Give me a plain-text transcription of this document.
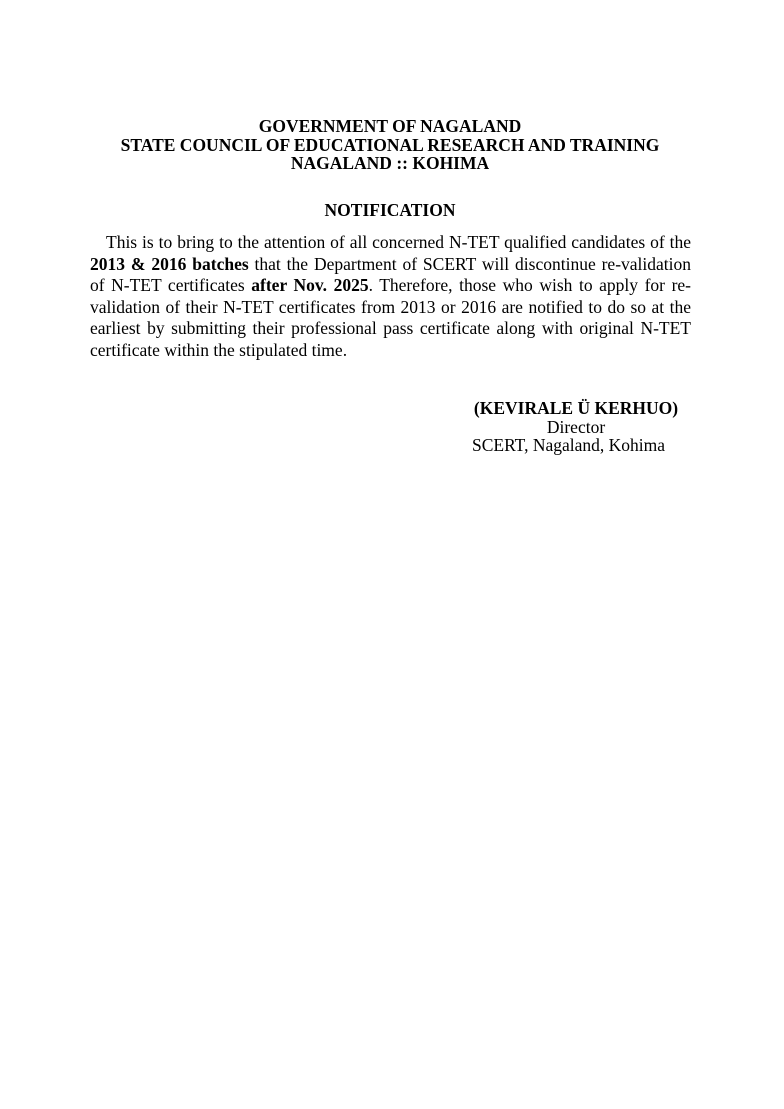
GOVERNMENT OF NAGALAND
STATE COUNCIL OF EDUCATIONAL RESEARCH AND TRAINING
NAGALAND :: KOHIMA
NOTIFICATION

This is to bring to the attention of all concerned N-TET qualified candidates of the 2013 & 2016 batches that the Department of SCERT will discontinue re-validation of N-TET certificates after Nov. 2025. Therefore, those who wish to apply for re-validation of their N-TET certificates from 2013 or 2016 are notified to do so at the earliest by submitting their professional pass certificate along with original N-TET certificate within the stipulated time.

(KEVIRALE Ü KERHUO)
Director
SCERT, Nagaland, Kohima
